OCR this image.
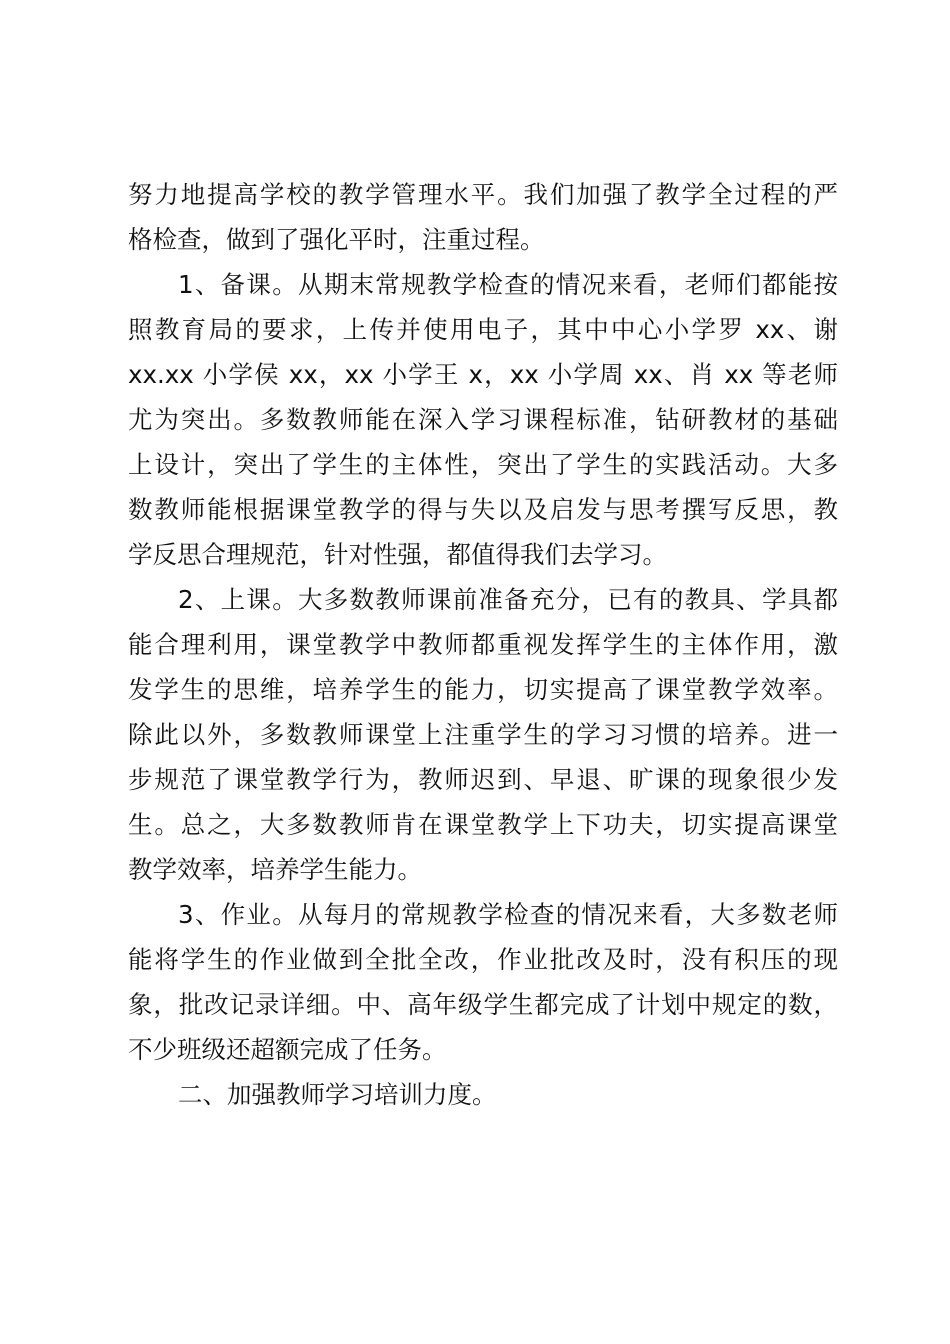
努力地提高学校的教学管理水平。我们加强了教学全过程的严
格检查，做到了强化平时，注重过程。
1、备课。从期末常规教学检查的情况来看，老师们都能按
照教育局的要求，上传并使用电子，其中中心小学罗 xx、谢
xx.xx 小学侯 xx，xx 小学王 x，xx 小学周 xx、肖 xx 等老师
尤为突出。多数教师能在深入学习课程标准，钻研教材的基础
上设计，突出了学生的主体性，突出了学生的实践活动。大多
数教师能根据课堂教学的得与失以及启发与思考撰写反思，教
学反思合理规范，针对性强，都值得我们去学习。
2、上课。大多数教师课前准备充分，已有的教具、学具都
能合理利用，课堂教学中教师都重视发挥学生的主体作用，激
发学生的思维，培养学生的能力，切实提高了课堂教学效率。
除此以外，多数教师课堂上注重学生的学习习惯的培养。进一
步规范了课堂教学行为，教师迟到、早退、旷课的现象很少发
生。总之，大多数教师肯在课堂教学上下功夫，切实提高课堂
教学效率，培养学生能力。
3、作业。从每月的常规教学检查的情况来看，大多数老师
能将学生的作业做到全批全改，作业批改及时，没有积压的现
象，批改记录详细。中、高年级学生都完成了计划中规定的数，
不少班级还超额完成了任务。
二、加强教师学习培训力度。
